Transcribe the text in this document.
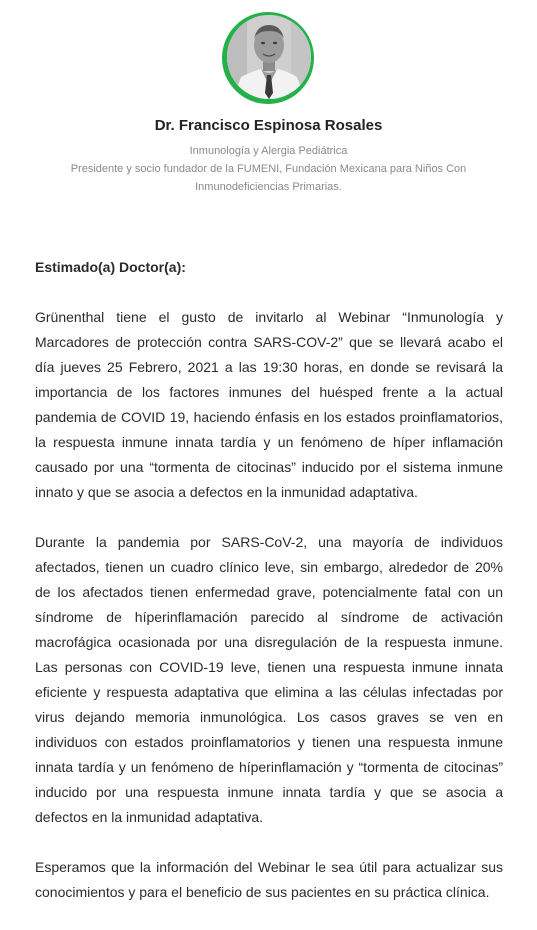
Dr. Francisco Espinosa Rosales

Inmunología y Alergia Pediátrica

Presidente y socio fundador de la FUMENI, Fundación Mexicana para Niños Con

Inmunodeficiencias Primarias.

Estimado(a) Doctor(a):

Grünenthal tiene el gusto de invitarlo al Webinar “Inmunología y Marcadores de protección contra SARS-COV-2” que se llevará acabo el día jueves 25 Febrero, 2021 a las 19:30 horas, en donde se revisará la importancia de los factores inmunes del huésped frente a la actual pandemia de COVID 19, haciendo énfasis en los estados proinflamatorios, la respuesta inmune innata tardía y un fenómeno de híper inflamación causado por una “tormenta de citocinas” inducido por el sistema inmune innato y que se asocia a defectos en la inmunidad adaptativa.

Durante la pandemia por SARS-CoV-2, una mayoría de individuos afectados, tienen un cuadro clínico leve, sin embargo, alrededor de 20% de los afectados tienen enfermedad grave, potencialmente fatal con un síndrome de híperinflamación parecido al síndrome de activación macrofágica ocasionada por una disregulación de la respuesta inmune. Las personas con COVID-19 leve, tienen una respuesta inmune innata eficiente y respuesta adaptativa que elimina a las células infectadas por virus dejando memoria inmunológica. Los casos graves se ven en individuos con estados proinflamatorios y tienen una respuesta inmune innata tardía y un fenómeno de híperinflamación y “tormenta de citocinas” inducido por una respuesta inmune innata tardía y que se asocia a defectos en la inmunidad adaptativa.

Esperamos que la información del Webinar le sea útil para actualizar sus conocimientos y para el beneficio de sus pacientes en su práctica clínica.
